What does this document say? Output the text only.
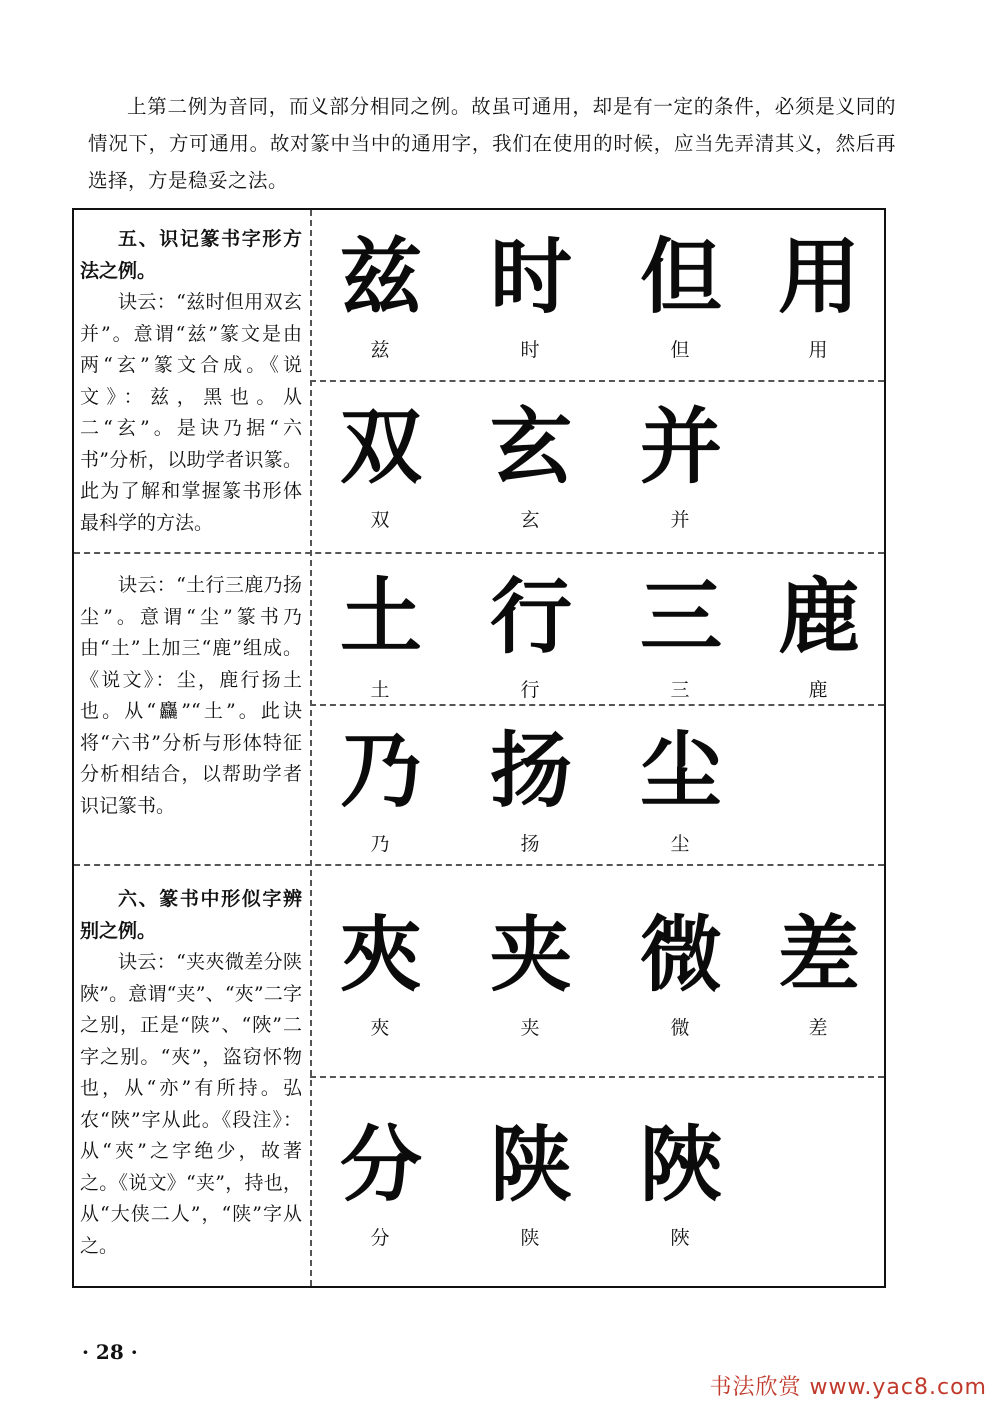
上第二例为音同，而义部分相同之例。故虽可通用，却是有一定的条件，必须是义同的情况下，方可通用。故对篆中当中的通用字，我们在使用的时候，应当先弄清其义，然后再选择，方是稳妥之法。

五、识记篆书字形方法之例。

诀云：“兹时但用双玄并”。意谓“兹”篆文是由两“玄”篆文合成。《说文》：兹，黑也。从二“玄”。是诀乃据“六书”分析，以助学者识篆。此为了解和掌握篆书形体最科学的方法。

诀云：“土行三鹿乃扬尘”。意谓“尘”篆书乃由“土”上加三“鹿”组成。《说文》：尘，鹿行扬土也。从“麤”“土”。此诀将“六书”分析与形体特征分析相结合，以帮助学者识记篆书。

六、篆书中形似字辨别之例。

诀云：“夹夾微差分陕陜”。意谓“夹”、“夾”二字之别，正是“陕”、“陜”二字之别。“夾”，盗窃怀物也，从“亦”有所持。弘农“陜”字从此。《段注》：从“夾”之字绝少，故著之。《说文》“夹”，持也，从“大侠二人”，“陕”字从之。

兹
兹
时
时
但
但
用
用
双
双
玄
玄
并
并
土
土
行
行
三
三
鹿
鹿
乃
乃
扬
扬
尘
尘
夾
夾
夹
夹
微
微
差
差
分
分
陕
陕
陜
陜
· 28 ·
书法欣赏 www.yac8.com
